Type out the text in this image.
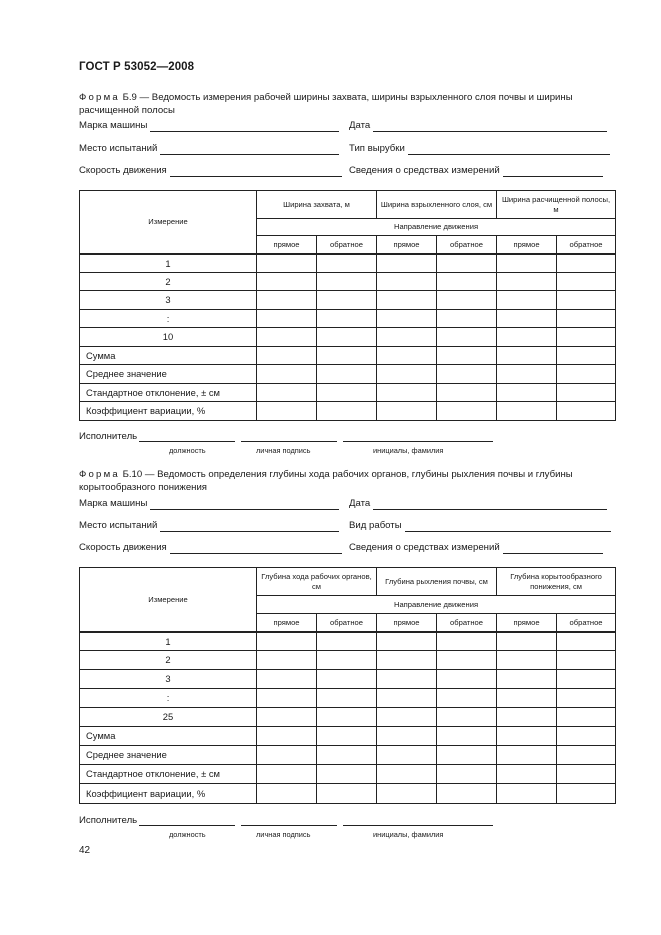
ГОСТ Р 53052—2008
Форма Б.9 — Ведомость измерения рабочей ширины захвата, ширины взрыхленного слоя почвы и ширины расчищенной полосы
Марка машины	Дата
Место испытаний	Тип вырубки
Скорость движения	Сведения о средствах измерений
Измерение	Ширина захвата, м		Ширина взрыхленного слоя, см		Ширина расчищенной полосы, м	
	Направление движения					
	прямое	обратное	прямое	обратное	прямое	обратное
1						
2						
3						
:						
10						
Сумма						
Среднее значение						
Стандартное отклонение, ± см						
Коэффициент вариации, %						
Исполнитель
должность	личная подпись	инициалы, фамилия
Форма Б.10 — Ведомость определения глубины хода рабочих органов, глубины рыхления почвы и глубины корытообразного понижения
Марка машины	Дата
Место испытаний	Вид работы
Скорость движения	Сведения о средствах измерений
Измерение	Глубина хода рабочих органов, см		Глубина рыхления почвы, см		Глубина корытообразного понижения, см	
	Направление движения					
	прямое	обратное	прямое	обратное	прямое	обратное
1						
2						
3						
:						
25						
Сумма						
Среднее значение						
Стандартное отклонение, ± см						
Коэффициент вариации, %						
Исполнитель
должность	личная подпись	инициалы, фамилия
42
